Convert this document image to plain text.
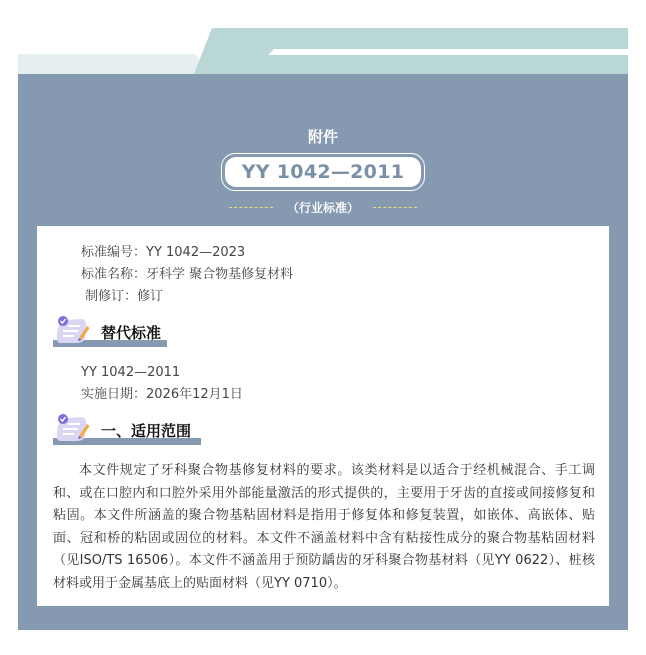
附件
YY 1042—2011
（行业标准）
标准编号：YY 1042—2023
标准名称：牙科学 聚合物基修复材料
制修订：修订
替代标准
YY 1042—2011
实施日期：2026年12月1日
一、适用范围

本文件规定了牙科聚合物基修复材料的要求。该类材料是以适合于经机械混合、手工调和、或在口腔内和口腔外采用外部能量激活的形式提供的，主要用于牙齿的直接或间接修复和粘固。本文件所涵盖的聚合物基粘固材料是指用于修复体和修复装置，如嵌体、高嵌体、贴面、冠和桥的粘固或固位的材料。本文件不涵盖材料中含有粘接性成分的聚合物基粘固材料（见ISO/TS 16506）。本文件不涵盖用于预防龋齿的牙科聚合物基材料（见YY 0622）、桩核材料或用于金属基底上的贴面材料（见YY 0710）。
